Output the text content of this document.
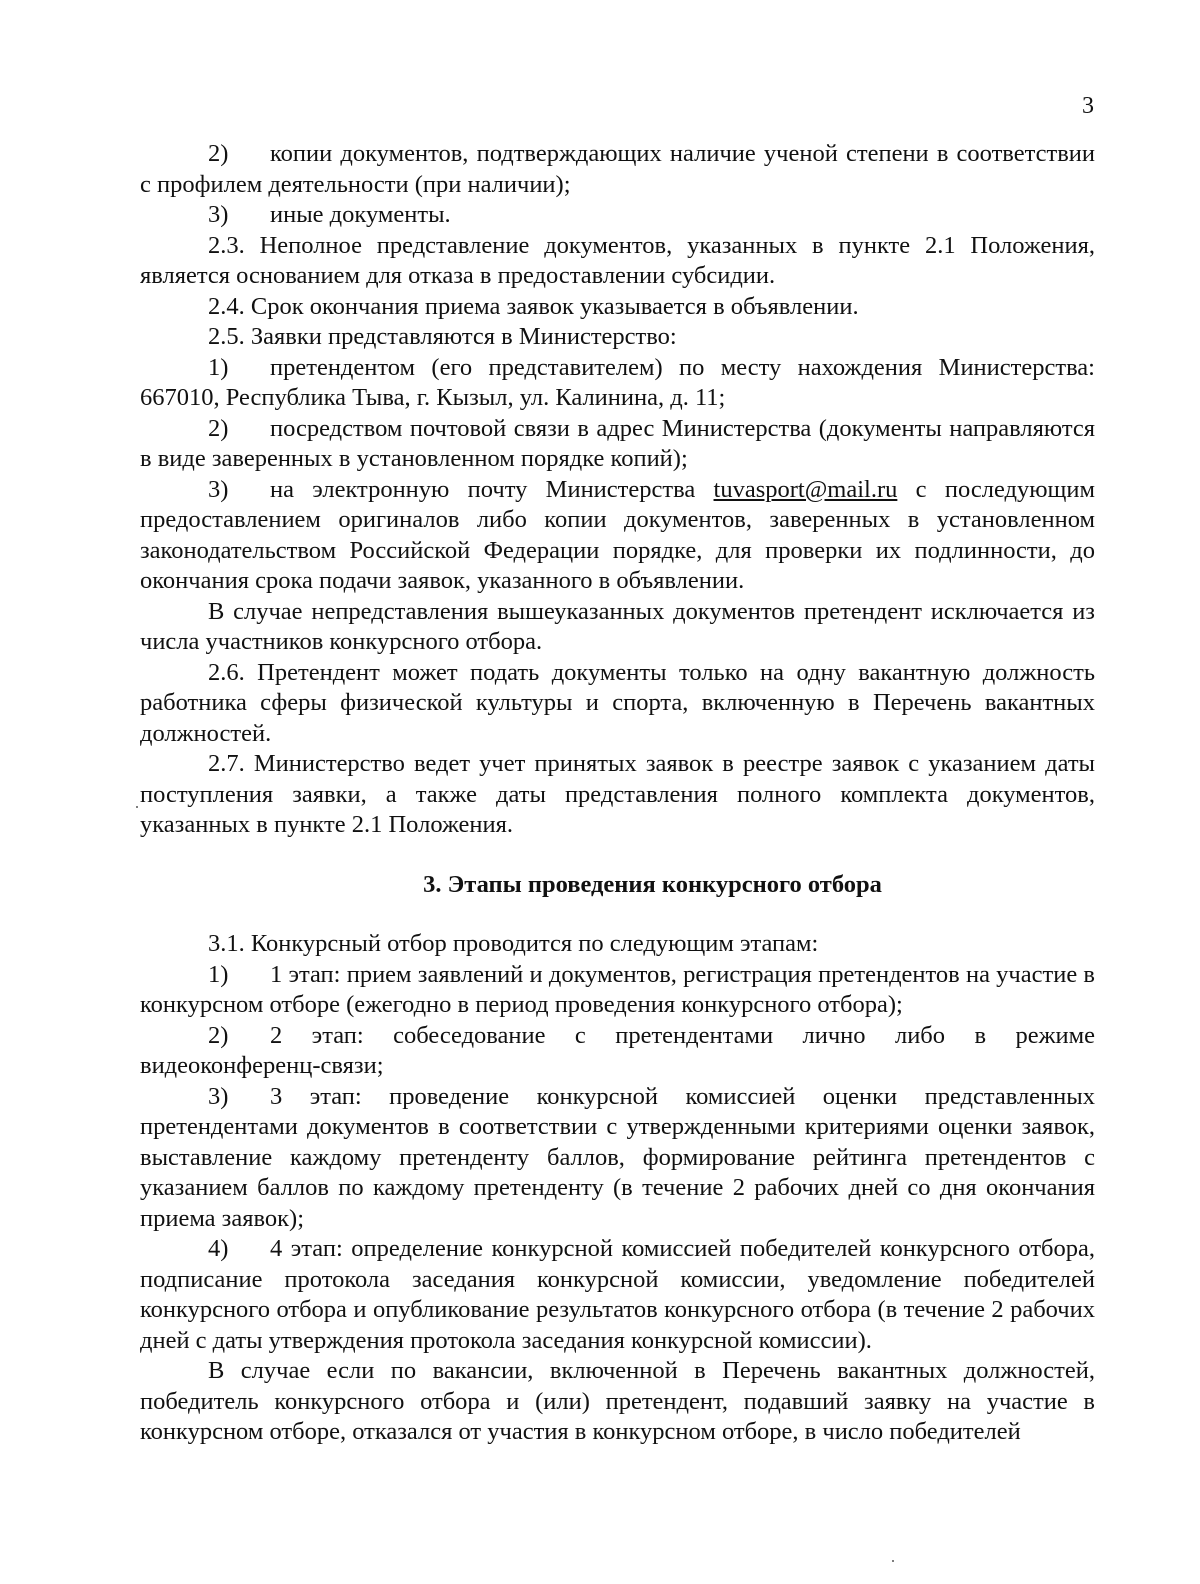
3

2) копии документов, подтверждающих наличие ученой степени в соответствии с профилем деятельности (при наличии);

3) иные документы.

2.3. Неполное представление документов, указанных в пункте 2.1 Положения, является основанием для отказа в предоставлении субсидии.

2.4. Срок окончания приема заявок указывается в объявлении.

2.5. Заявки представляются в Министерство:

1) претендентом (его представителем) по месту нахождения Министерства: 667010, Республика Тыва, г. Кызыл, ул. Калинина, д. 11;

2) посредством почтовой связи в адрес Министерства (документы направляются в виде заверенных в установленном порядке копий);

3) на электронную почту Министерства tuvasport@mail.ru с последующим предоставлением оригиналов либо копии документов, заверенных в установленном законодательством Российской Федерации порядке, для проверки их подлинности, до окончания срока подачи заявок, указанного в объявлении.

В случае непредставления вышеуказанных документов претендент исключается из числа участников конкурсного отбора.

2.6. Претендент может подать документы только на одну вакантную должность работника сферы физической культуры и спорта, включенную в Перечень вакантных должностей.

2.7. Министерство ведет учет принятых заявок в реестре заявок с указанием даты поступления заявки, а также даты представления полного комплекта документов, указанных в пункте 2.1 Положения.

3. Этапы проведения конкурсного отбора

3.1. Конкурсный отбор проводится по следующим этапам:

1) 1 этап: прием заявлений и документов, регистрация претендентов на участие в конкурсном отборе (ежегодно в период проведения конкурсного отбора);

2) 2 этап: собеседование с претендентами лично либо в режиме видеоконференц-связи;

3) 3 этап: проведение конкурсной комиссией оценки представленных претендентами документов в соответствии с утвержденными критериями оценки заявок, выставление каждому претенденту баллов, формирование рейтинга претендентов с указанием баллов по каждому претенденту (в течение 2 рабочих дней со дня окончания приема заявок);

4) 4 этап: определение конкурсной комиссией победителей конкурсного отбора, подписание протокола заседания конкурсной комиссии, уведомление победителей конкурсного отбора и опубликование результатов конкурсного отбора (в течение 2 рабочих дней с даты утверждения протокола заседания конкурсной комиссии).

В случае если по вакансии, включенной в Перечень вакантных должностей, победитель конкурсного отбора и (или) претендент, подавший заявку на участие в конкурсном отборе, отказался от участия в конкурсном отборе, в число победителей
